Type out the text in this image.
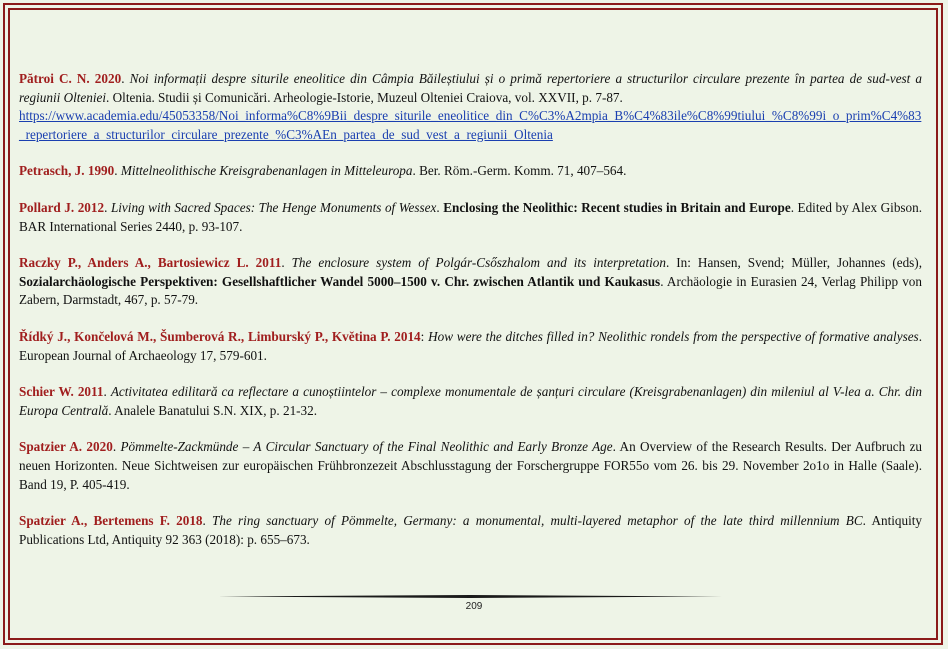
Pătroi C. N. 2020. Noi informații despre siturile eneolitice din Câmpia Băileștiului și o primă repertoriere a structurilor circulare prezente în partea de sud-vest a regiunii Olteniei. Oltenia. Studii și Comunicări. Arheologie-Istorie, Muzeul Olteniei Craiova, vol. XXVII, p. 7-87.
https://www.academia.edu/45053358/Noi_informa%C8%9Bii_despre_siturile_eneolitice_din_C%C3%A2mpia_B%C4%83ile%C8%99tiului_%C8%99i_o_prim%C4%83_repertoriere_a_structurilor_circulare_prezente_%C3%AEn_partea_de_sud_vest_a_regiunii_Oltenia

Petrasch, J. 1990. Mittelneolithische Kreisgrabenanlagen in Mitteleuropa. Ber. Röm.-Germ. Komm. 71, 407–564.

Pollard J. 2012. Living with Sacred Spaces: The Henge Monuments of Wessex. Enclosing the Neolithic: Recent studies in Britain and Europe. Edited by Alex Gibson. BAR International Series 2440, p. 93-107.

Raczky P., Anders A., Bartosiewicz L. 2011. The enclosure system of Polgár-Csőszhalom and its interpretation. In: Hansen, Svend; Müller, Johannes (eds), Sozialarchäologische Perspektiven: Gesellshaftlicher Wandel 5000–1500 v. Chr. zwischen Atlantik und Kaukasus. Archäologie in Eurasien 24, Verlag Philipp von Zabern, Darmstadt, 467, p. 57-79.

Řídký J., Končelová M., Šumberová R., Limburský P., Květina P. 2014: How were the ditches filled in? Neolithic rondels from the perspective of formative analyses. European Journal of Archaeology 17, 579-601.

Schier W. 2011. Activitatea edilitară ca reflectare a cunoștiintelor – complexe monumentale de șanțuri circulare (Kreisgrabenanlagen) din mileniul al V-lea a. Chr. din Europa Centrală. Analele Banatului S.N. XIX, p. 21-32.

Spatzier A. 2020. Pömmelte-Zackmünde – A Circular Sanctuary of the Final Neolithic and Early Bronze Age. An Overview of the Research Results. Der Aufbruch zu neuen Horizonten. Neue Sichtweisen zur europäischen Frühbronzezeit Abschlusstagung der Forschergruppe FOR55o vom 26. bis 29. November 2o1o in Halle (Saale). Band 19, P. 405-419.

Spatzier A., Bertemens F. 2018. The ring sanctuary of Pömmelte, Germany: a monumental, multi-layered metaphor of the late third millennium BC. Antiquity Publications Ltd, Antiquity 92 363 (2018): p. 655–673.

209
